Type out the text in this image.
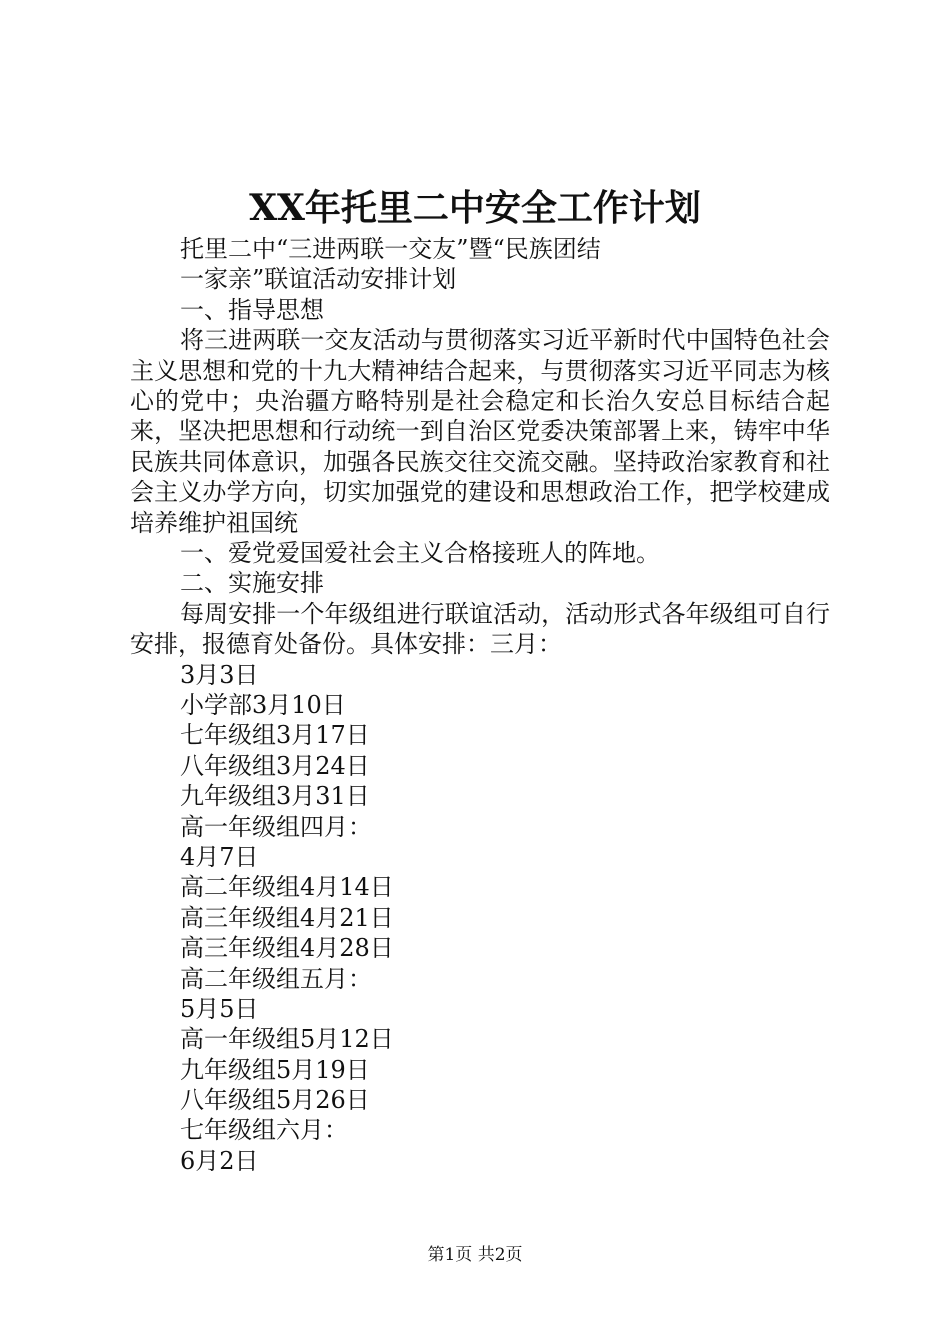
XX年托里二中安全工作计划
托里二中“三进两联一交友”暨“民族团结
一家亲”联谊活动安排计划
一、指导思想
将三进两联一交友活动与贯彻落实习近平新时代中国特色社会主义思想和党的十九大精神结合起来，与贯彻落实习近平同志为核心的党中；央治疆方略特别是社会稳定和长治久安总目标结合起来，坚决把思想和行动统一到自治区党委决策部署上来，铸牢中华民族共同体意识，加强各民族交往交流交融。坚持政治家教育和社会主义办学方向，切实加强党的建设和思想政治工作，把学校建成培养维护祖国统
一、爱党爱国爱社会主义合格接班人的阵地。
二、实施安排
每周安排一个年级组进行联谊活动，活动形式各年级组可自行安排，报德育处备份。具体安排：三月：
3月3日
小学部3月10日
七年级组3月17日
八年级组3月24日
九年级组3月31日
高一年级组四月：
4月7日
高二年级组4月14日
高三年级组4月21日
高三年级组4月28日
高二年级组五月：
5月5日
高一年级组5月12日
九年级组5月19日
八年级组5月26日
七年级组六月：
6月2日
第1页 共2页
